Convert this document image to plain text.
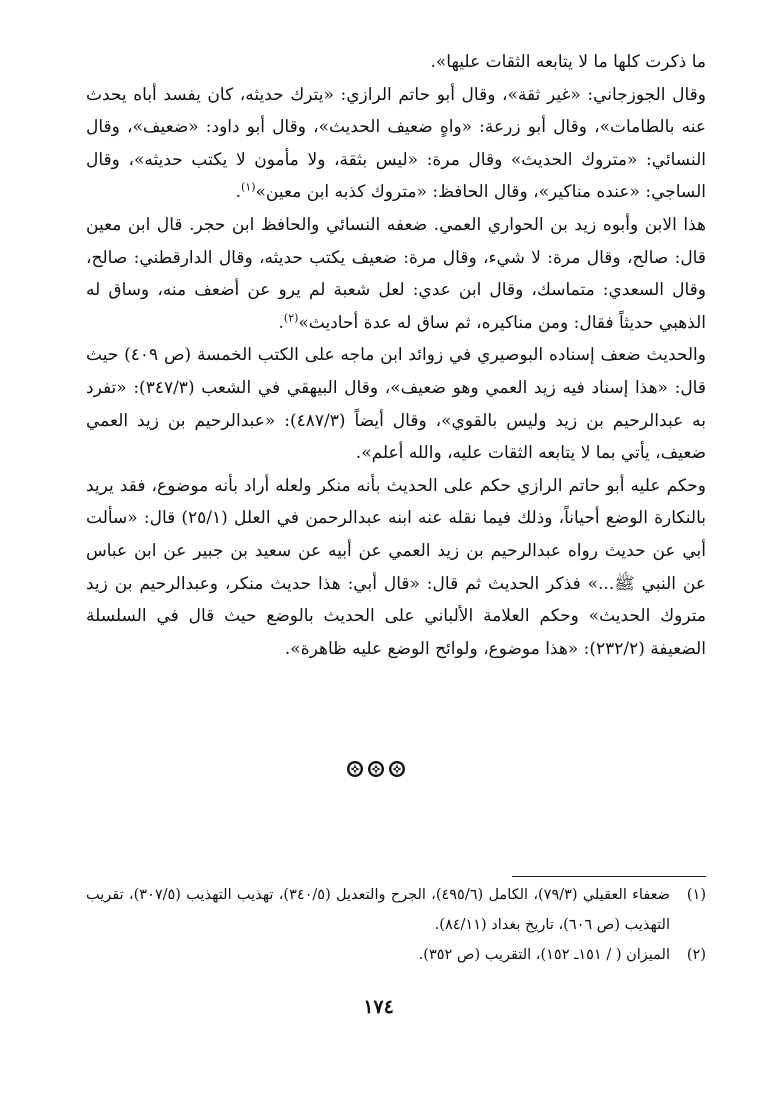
ما ذكرت كلها ما لا يتابعه الثقات عليها».

وقال الجوزجاني: «غير ثقة»، وقال أبو حاتم الرازي: «يترك حديثه، كان يفسد أباه يحدث عنه بالطامات»، وقال أبو زرعة: «واهٍ ضعيف الحديث»، وقال أبو داود: «ضعيف»، وقال النسائي: «متروك الحديث» وقال مرة: «ليس بثقة، ولا مأمون لا يكتب حديثه»، وقال الساجي: «عنده مناكير»، وقال الحافظ: «متروك كذبه ابن معين»$^{(١)}$.

هذا الابن وأبوه زيد بن الحواري العمي. ضعفه النسائي والحافظ ابن حجر. قال ابن معين قال: صالح، وقال مرة: لا شيء، وقال مرة: ضعيف يكتب حديثه، وقال الدارقطني: صالح، وقال السعدي: متماسك، وقال ابن عدي: لعل شعبة لم يرو عن أضعف منه، وساق له الذهبي حديثاً فقال: ومن مناكيره، ثم ساق له عدة أحاديث»$^{(٢)}$.

والحديث ضعف إسناده البوصيري في زوائد ابن ماجه على الكتب الخمسة (ص ٤٠٩) حيث قال: «هذا إسناد فيه زيد العمي وهو ضعيف»، وقال البيهقي في الشعب (٣٤٧/٣): «تفرد به عبدالرحيم بن زيد وليس بالقوي»، وقال أيضاً (٤٨٧/٣): «عبدالرحيم بن زيد العمي ضعيف، يأتي بما لا يتابعه الثقات عليه، والله أعلم».

وحكم عليه أبو حاتم الرازي حكم على الحديث بأنه منكر ولعله أراد بأنه موضوع، فقد يريد بالنكارة الوضع أحياناً، وذلك فيما نقله عنه ابنه عبدالرحمن في العلل (٢٥/١) قال: «سألت أبي عن حديث رواه عبدالرحيم بن زيد العمي عن أبيه عن سعيد بن جبير عن ابن عباس عن النبي ﷺ...» فذكر الحديث ثم قال: «قال أبي: هذا حديث منكر، وعبدالرحيم بن زيد متروك الحديث» وحكم العلامة الألباني على الحديث بالوضع حيث قال في السلسلة الضعيفة (٢٣٢/٢): «هذا موضوع، ولوائح الوضع عليه ظاهرة».

(١)
ضعفاء العقيلي (٧٩/٣)، الكامل (٤٩٥/٦)، الجرح والتعديل (٣٤٠/٥)، تهذيب التهذيب (٣٠٧/٥)، تقريب التهذيب (ص ٦٠٦)، تاريخ بغداد (٨٤/١١).
(٢)
الميزان ( / ١٥١ـ ١٥٢)، التقريب (ص ٣٥٢).
١٧٤
